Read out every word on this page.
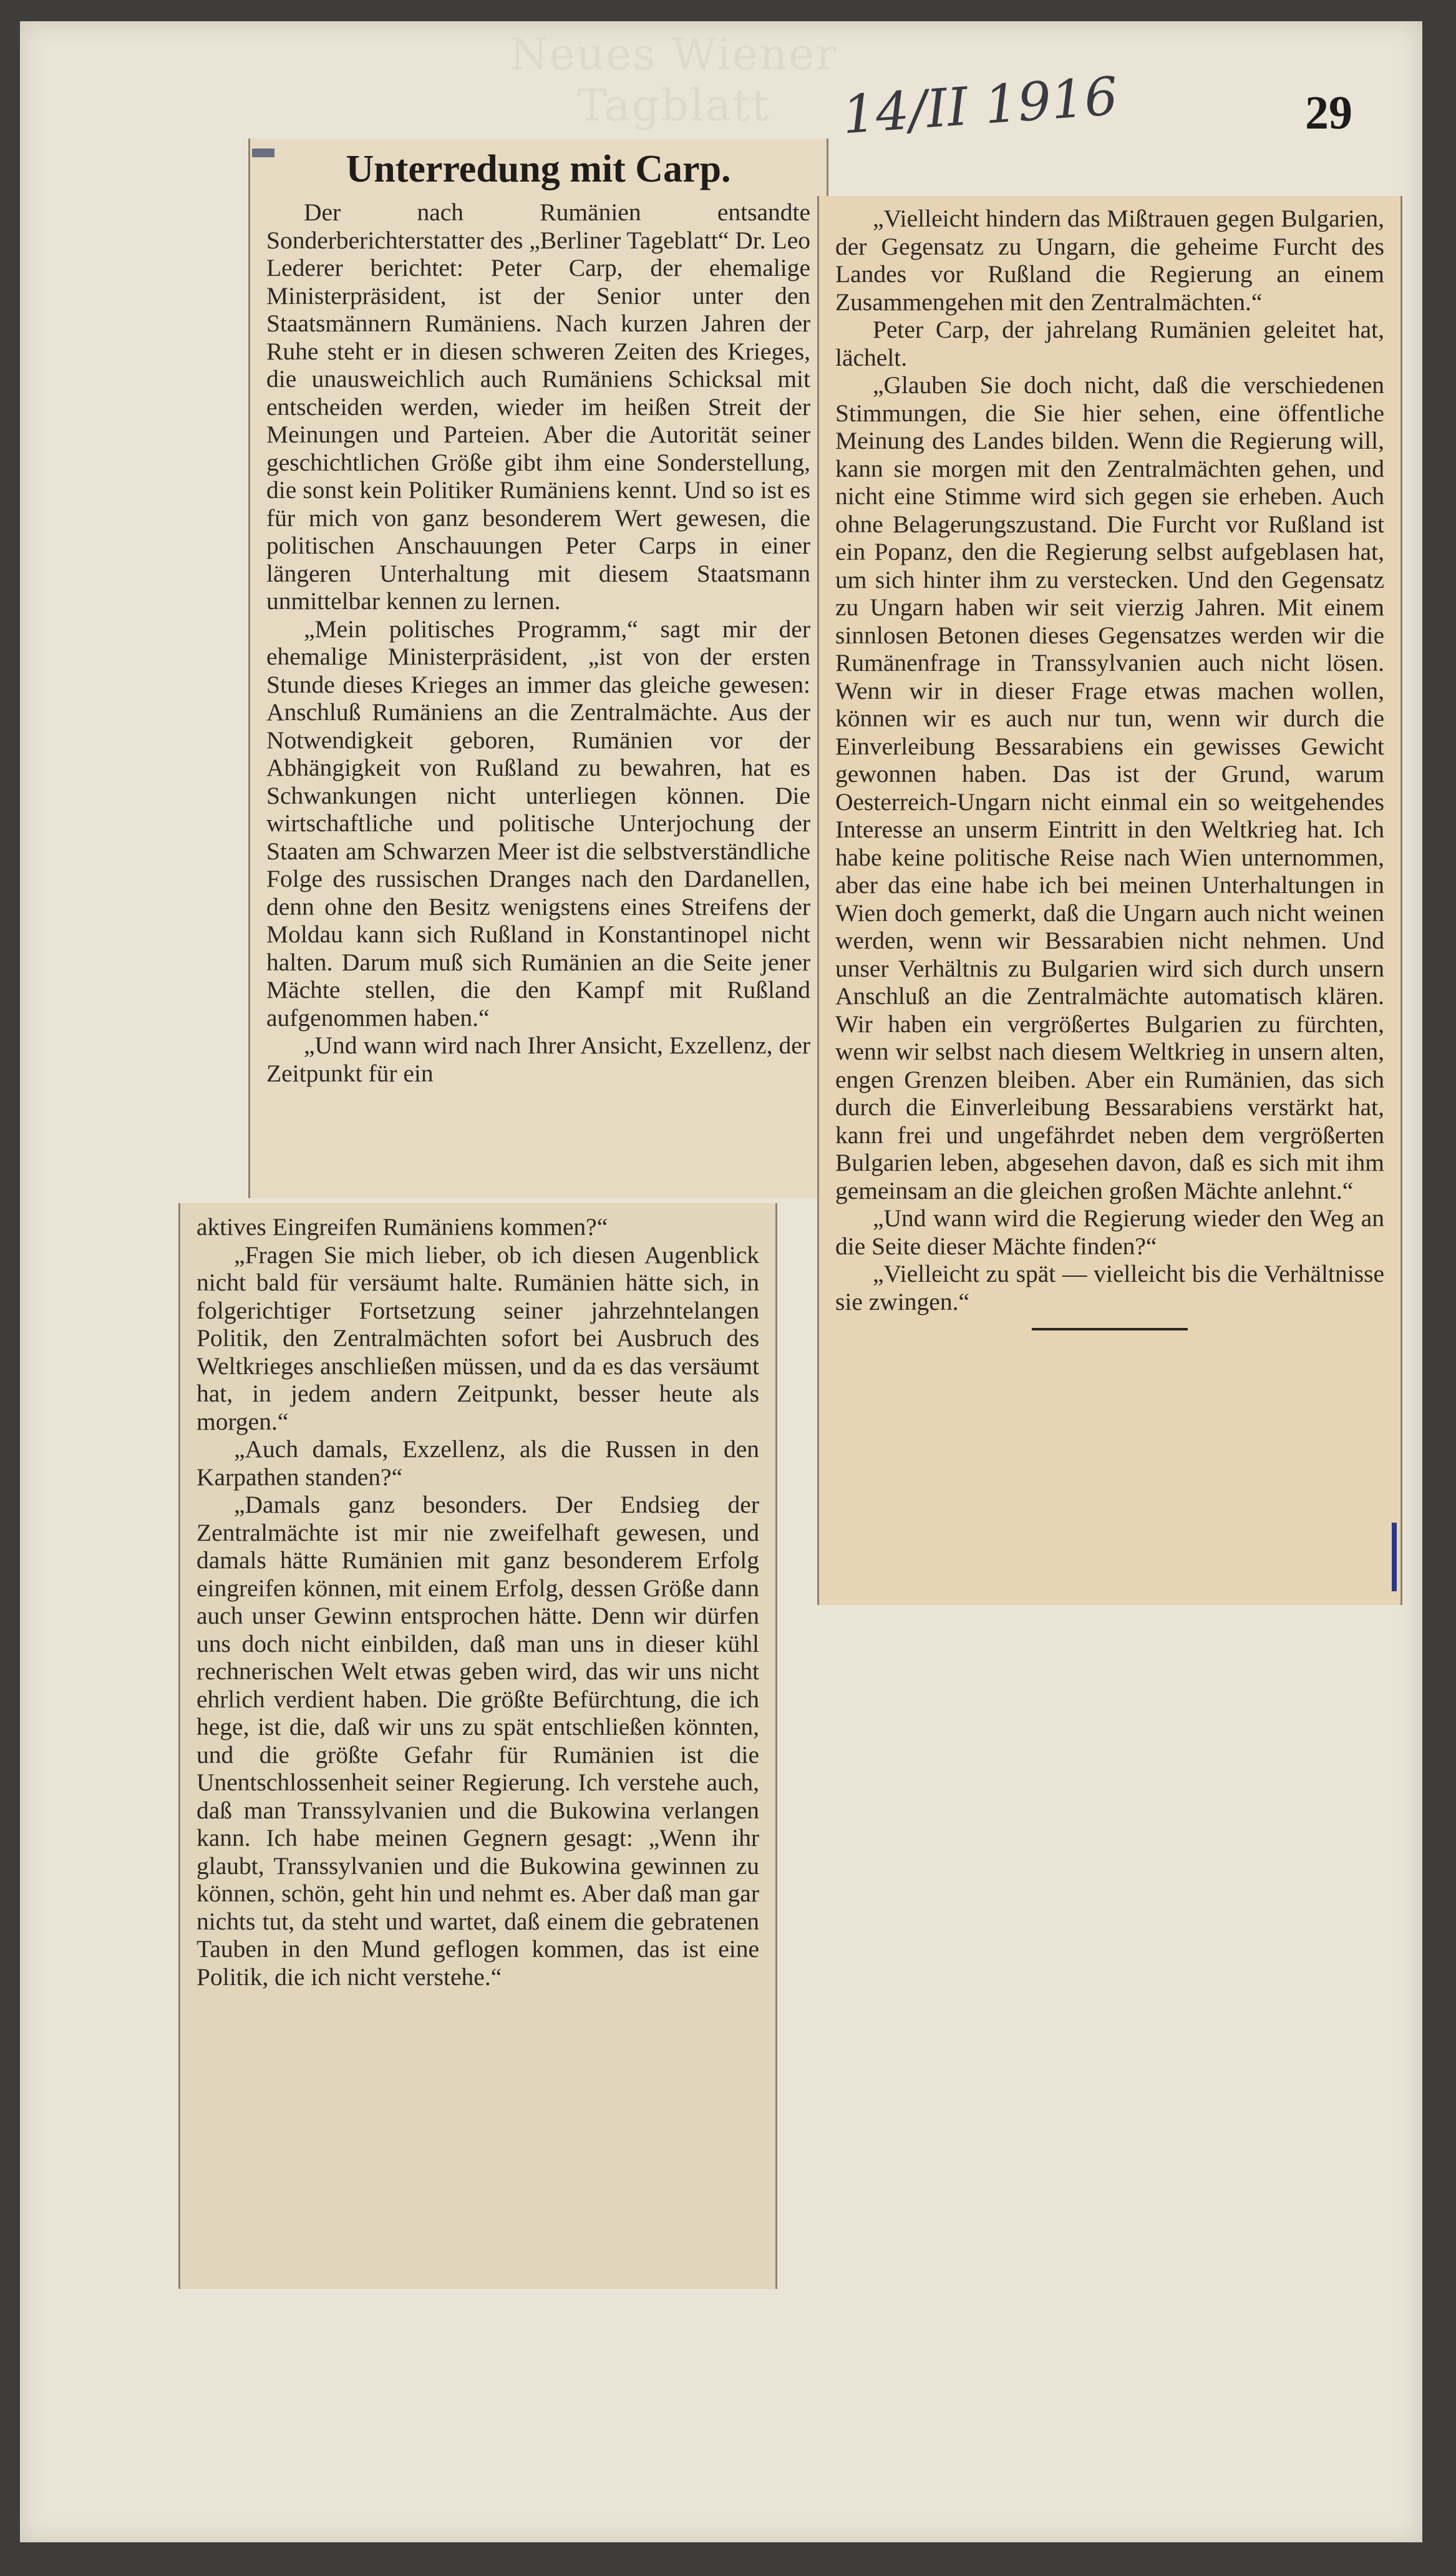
Neues Wiener Tagblatt	14/II 1916	29

Unterredung mit Carp.

Der nach Rumänien entsandte Sonderberichterstatter des „Berliner Tageblatt“ Dr. Leo Lederer berichtet: Peter Carp, der ehemalige Ministerpräsident, ist der Senior unter den Staatsmännern Rumäniens. Nach kurzen Jahren der Ruhe steht er in diesen schweren Zeiten des Krieges, die unausweichlich auch Rumäniens Schicksal mit entscheiden werden, wieder im heißen Streit der Meinungen und Parteien. Aber die Autorität seiner geschichtlichen Größe gibt ihm eine Sonderstellung, die sonst kein Politiker Rumäniens kennt. Und so ist es für mich von ganz besonderem Wert gewesen, die politischen Anschauungen Peter Carps in einer längeren Unterhaltung mit diesem Staatsmann unmittelbar kennen zu lernen.

„Mein politisches Programm,“ sagt mir der ehemalige Ministerpräsident, „ist von der ersten Stunde dieses Krieges an immer das gleiche gewesen: Anschluß Rumäniens an die Zentralmächte. Aus der Notwendigkeit geboren, Rumänien vor der Abhängigkeit von Rußland zu bewahren, hat es Schwankungen nicht unterliegen können. Die wirtschaftliche und politische Unterjochung der Staaten am Schwarzen Meer ist die selbstverständliche Folge des russischen Dranges nach den Dardanellen, denn ohne den Besitz wenigstens eines Streifens der Moldau kann sich Rußland in Konstantinopel nicht halten. Darum muß sich Rumänien an die Seite jener Mächte stellen, die den Kampf mit Rußland aufgenommen haben.“

„Und wann wird nach Ihrer Ansicht, Exzellenz, der Zeitpunkt für ein

aktives Eingreifen Rumäniens kommen?“

„Fragen Sie mich lieber, ob ich diesen Augenblick nicht bald für versäumt halte. Rumänien hätte sich, in folgerichtiger Fortsetzung seiner jahrzehntelangen Politik, den Zentralmächten sofort bei Ausbruch des Weltkrieges anschließen müssen, und da es das versäumt hat, in jedem andern Zeitpunkt, besser heute als morgen.“

„Auch damals, Exzellenz, als die Russen in den Karpathen standen?“

„Damals ganz besonders. Der Endsieg der Zentralmächte ist mir nie zweifelhaft gewesen, und damals hätte Rumänien mit ganz besonderem Erfolg eingreifen können, mit einem Erfolg, dessen Größe dann auch unser Gewinn entsprochen hätte. Denn wir dürfen uns doch nicht einbilden, daß man uns in dieser kühl rechnerischen Welt etwas geben wird, das wir uns nicht ehrlich verdient haben. Die größte Befürchtung, die ich hege, ist die, daß wir uns zu spät entschließen könnten, und die größte Gefahr für Rumänien ist die Unentschlossenheit seiner Regierung. Ich verstehe auch, daß man Transsylvanien und die Bukowina verlangen kann. Ich habe meinen Gegnern gesagt: „Wenn ihr glaubt, Transsylvanien und die Bukowina gewinnen zu können, schön, geht hin und nehmt es. Aber daß man gar nichts tut, da steht und wartet, daß einem die gebratenen Tauben in den Mund geflogen kommen, das ist eine Politik, die ich nicht verstehe.“

„Vielleicht hindern das Mißtrauen gegen Bulgarien, der Gegensatz zu Ungarn, die geheime Furcht des Landes vor Rußland die Regierung an einem Zusammengehen mit den Zentralmächten.“

Peter Carp, der jahrelang Rumänien geleitet hat, lächelt.

„Glauben Sie doch nicht, daß die verschiedenen Stimmungen, die Sie hier sehen, eine öffentliche Meinung des Landes bilden. Wenn die Regierung will, kann sie morgen mit den Zentralmächten gehen, und nicht eine Stimme wird sich gegen sie erheben. Auch ohne Belagerungszustand. Die Furcht vor Rußland ist ein Popanz, den die Regierung selbst aufgeblasen hat, um sich hinter ihm zu verstecken. Und den Gegensatz zu Ungarn haben wir seit vierzig Jahren. Mit einem sinnlosen Betonen dieses Gegensatzes werden wir die Rumänenfrage in Transsylvanien auch nicht lösen. Wenn wir in dieser Frage etwas machen wollen, können wir es auch nur tun, wenn wir durch die Einverleibung Bessarabiens ein gewisses Gewicht gewonnen haben. Das ist der Grund, warum Oesterreich-Ungarn nicht einmal ein so weitgehendes Interesse an unserm Eintritt in den Weltkrieg hat. Ich habe keine politische Reise nach Wien unternommen, aber das eine habe ich bei meinen Unterhaltungen in Wien doch gemerkt, daß die Ungarn auch nicht weinen werden, wenn wir Bessarabien nicht nehmen. Und unser Verhältnis zu Bulgarien wird sich durch unsern Anschluß an die Zentralmächte automatisch klären. Wir haben ein vergrößertes Bulgarien zu fürchten, wenn wir selbst nach diesem Weltkrieg in unsern alten, engen Grenzen bleiben. Aber ein Rumänien, das sich durch die Einverleibung Bessarabiens verstärkt hat, kann frei und ungefährdet neben dem vergrößerten Bulgarien leben, abgesehen davon, daß es sich mit ihm gemeinsam an die gleichen großen Mächte anlehnt.“

„Und wann wird die Regierung wieder den Weg an die Seite dieser Mächte finden?“

„Vielleicht zu spät — vielleicht bis die Verhältnisse sie zwingen.“
